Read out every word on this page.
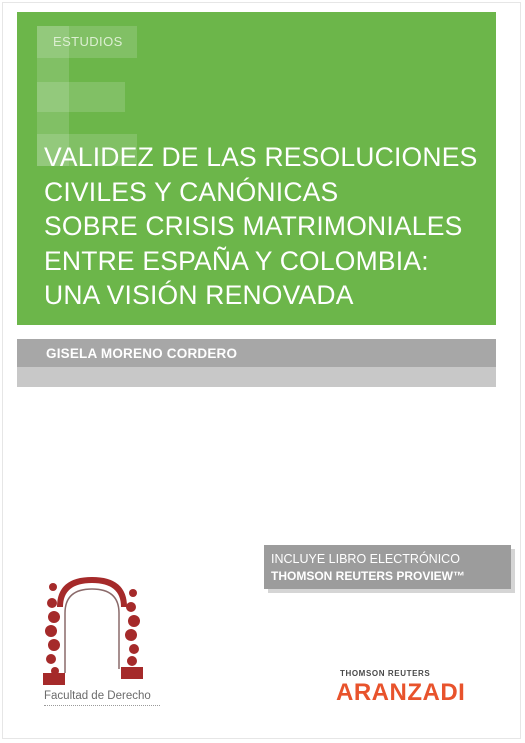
ESTUDIOS
VALIDEZ DE LAS RESOLUCIONES
CIVILES Y CANÓNICAS
SOBRE CRISIS MATRIMONIALES
ENTRE ESPAÑA Y COLOMBIA:
UNA VISIÓN RENOVADA
GISELA MORENO CORDERO
INCLUYE LIBRO ELECTRÓNICO
THOMSON REUTERS PROVIEW™
Facultad de Derecho
THOMSON REUTERS
ARANZADI
